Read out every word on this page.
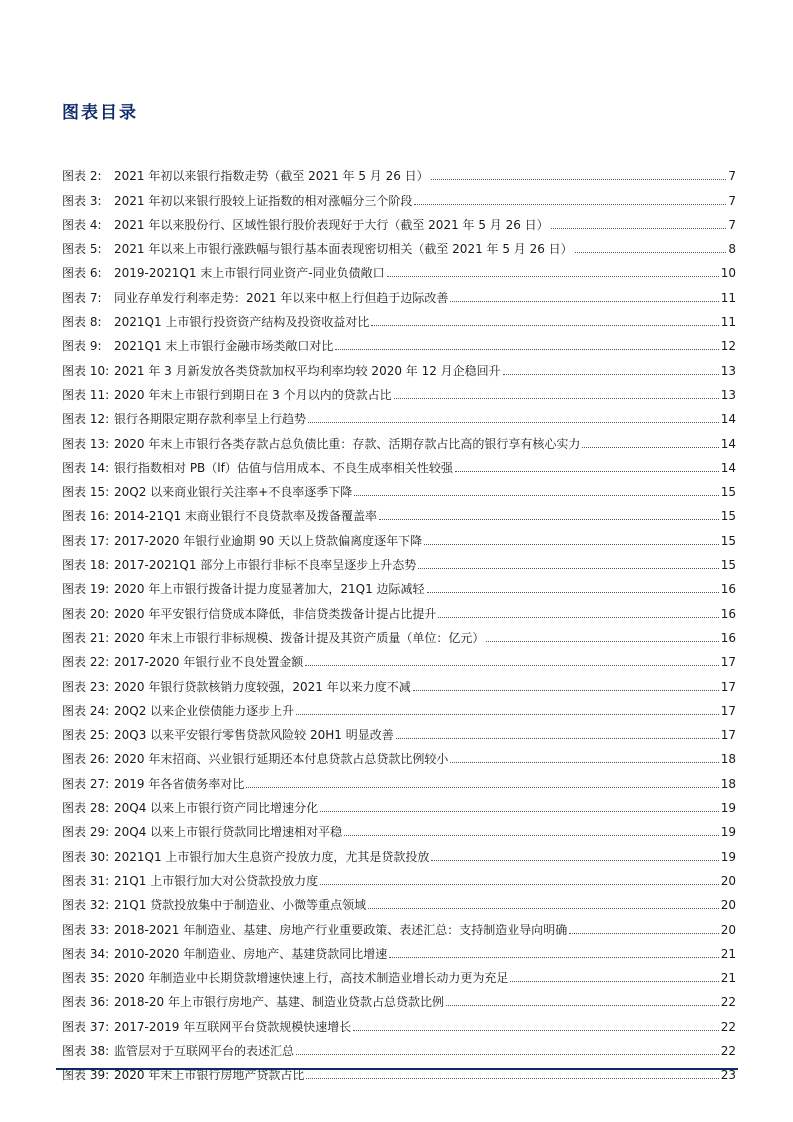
图表目录
图表 2:	2021 年初以来银行指数走势（截至 2021 年 5 月 26 日）	7
图表 3:	2021 年初以来银行股较上证指数的相对涨幅分三个阶段	7
图表 4:	2021 年以来股份行、区域性银行股价表现好于大行（截至 2021 年 5 月 26 日）	7
图表 5:	2021 年以来上市银行涨跌幅与银行基本面表现密切相关（截至 2021 年 5 月 26 日）	8
图表 6:	2019-2021Q1 末上市银行同业资产-同业负债敞口	10
图表 7:	同业存单发行利率走势：2021 年以来中枢上行但趋于边际改善	11
图表 8:	2021Q1 上市银行投资资产结构及投资收益对比	11
图表 9:	2021Q1 末上市银行金融市场类敞口对比	12
图表 10: 2021 年 3 月新发放各类贷款加权平均利率均较 2020 年 12 月企稳回升	13
图表 11: 2020 年末上市银行到期日在 3 个月以内的贷款占比	13
图表 12: 银行各期限定期存款利率呈上行趋势	14
图表 13: 2020 年末上市银行各类存款占总负债比重：存款、活期存款占比高的银行享有核心实力	14
图表 14: 银行指数相对 PB（lf）估值与信用成本、不良生成率相关性较强	14
图表 15: 20Q2 以来商业银行关注率+不良率逐季下降	15
图表 16: 2014-21Q1 末商业银行不良贷款率及拨备覆盖率	15
图表 17: 2017-2020 年银行业逾期 90 天以上贷款偏离度逐年下降	15
图表 18: 2017-2021Q1 部分上市银行非标不良率呈逐步上升态势	15
图表 19: 2020 年上市银行拨备计提力度显著加大，21Q1 边际减轻	16
图表 20: 2020 年平安银行信贷成本降低，非信贷类拨备计提占比提升	16
图表 21: 2020 年末上市银行非标规模、拨备计提及其资产质量（单位：亿元）	16
图表 22: 2017-2020 年银行业不良处置金额	17
图表 23: 2020 年银行贷款核销力度较强，2021 年以来力度不减	17
图表 24: 20Q2 以来企业偿债能力逐步上升	17
图表 25: 20Q3 以来平安银行零售贷款风险较 20H1 明显改善	17
图表 26: 2020 年末招商、兴业银行延期还本付息贷款占总贷款比例较小	18
图表 27: 2019 年各省债务率对比	18
图表 28: 20Q4 以来上市银行资产同比增速分化	19
图表 29: 20Q4 以来上市银行贷款同比增速相对平稳	19
图表 30: 2021Q1 上市银行加大生息资产投放力度，尤其是贷款投放	19
图表 31: 21Q1 上市银行加大对公贷款投放力度	20
图表 32: 21Q1 贷款投放集中于制造业、小微等重点领域	20
图表 33: 2018-2021 年制造业、基建、房地产行业重要政策、表述汇总：支持制造业导向明确	20
图表 34: 2010-2020 年制造业、房地产、基建贷款同比增速	21
图表 35: 2020 年制造业中长期贷款增速快速上行，高技术制造业增长动力更为充足	21
图表 36: 2018-20 年上市银行房地产、基建、制造业贷款占总贷款比例	22
图表 37: 2017-2019 年互联网平台贷款规模快速增长	22
图表 38: 监管层对于互联网平台的表述汇总	22
图表 39: 2020 年末上市银行房地产贷款占比	23
